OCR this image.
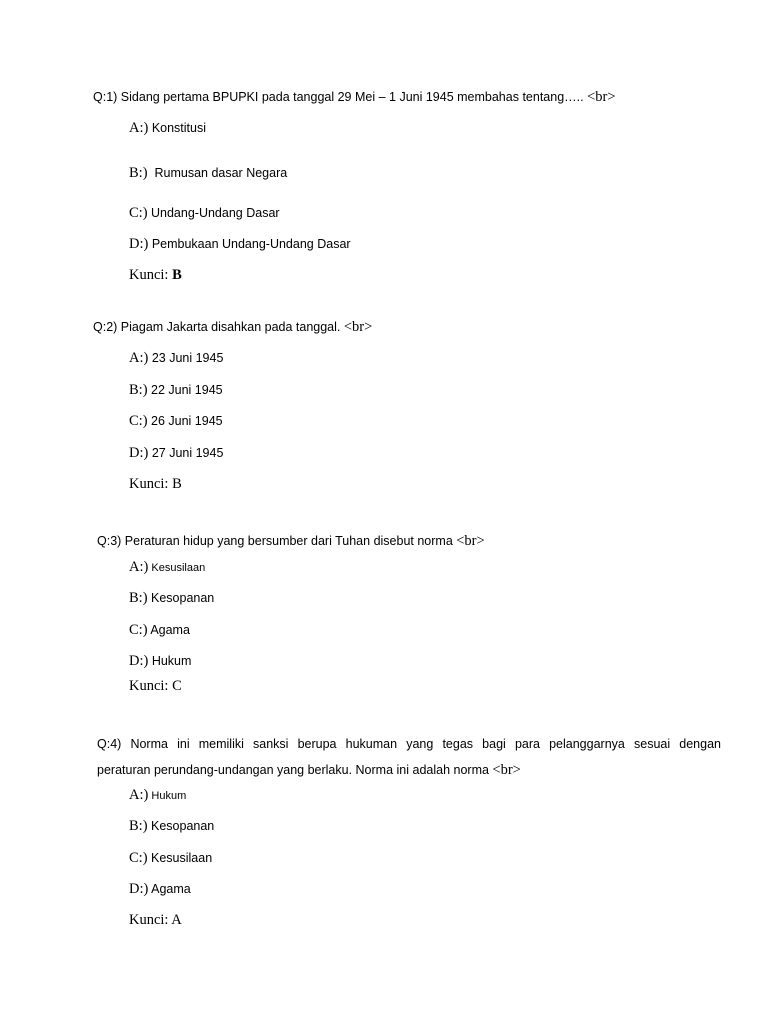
Q:1) Sidang pertama BPUPKI pada tanggal 29 Mei – 1 Juni 1945 membahas tentang….. <br>
A:) Konstitusi
B:)  Rumusan dasar Negara
C:) Undang-Undang Dasar
D:) Pembukaan Undang-Undang Dasar
Kunci: B
Q:2) Piagam Jakarta disahkan pada tanggal. <br>
A:) 23 Juni 1945
B:) 22 Juni 1945
C:) 26 Juni 1945
D:) 27 Juni 1945
Kunci: B
Q:3) Peraturan hidup yang bersumber dari Tuhan disebut norma <br>
A:) Kesusilaan
B:) Kesopanan
C:) Agama
D:) Hukum
Kunci: C
Q:4) Norma ini memiliki sanksi berupa hukuman yang tegas bagi para pelanggarnya sesuai dengan
peraturan perundang-undangan yang berlaku. Norma ini adalah norma <br>
A:) Hukum
B:) Kesopanan
C:) Kesusilaan
D:) Agama
Kunci: A
